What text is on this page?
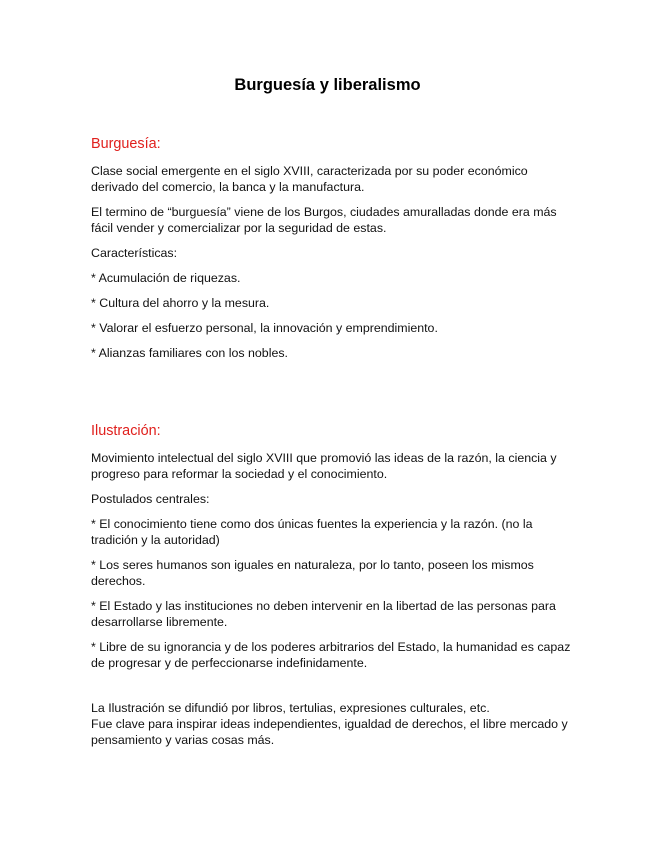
Burguesía y liberalismo
Burguesía:

Clase social emergente en el siglo XVIII, caracterizada por su poder económico derivado del comercio, la banca y la manufactura.

El termino de “burguesía” viene de los Burgos, ciudades amuralladas donde era más fácil vender y comercializar por la seguridad de estas.

Características:

* Acumulación de riquezas.

* Cultura del ahorro y la mesura.

* Valorar el esfuerzo personal, la innovación y emprendimiento.

* Alianzas familiares con los nobles.

Ilustración:

Movimiento intelectual del siglo XVIII que promovió las ideas de la razón, la ciencia y progreso para reformar la sociedad y el conocimiento.

Postulados centrales:

* El conocimiento tiene como dos únicas fuentes la experiencia y la razón. (no la tradición y la autoridad)

* Los seres humanos son iguales en naturaleza, por lo tanto, poseen los mismos derechos.

* El Estado y las instituciones no deben intervenir en la libertad de las personas para desarrollarse libremente.

* Libre de su ignorancia y de los poderes arbitrarios del Estado, la humanidad es capaz de progresar y de perfeccionarse indefinidamente.

La Ilustración se difundió por libros, tertulias, expresiones culturales, etc.

Fue clave para inspirar ideas independientes, igualdad de derechos, el libre mercado y pensamiento y varias cosas más.
